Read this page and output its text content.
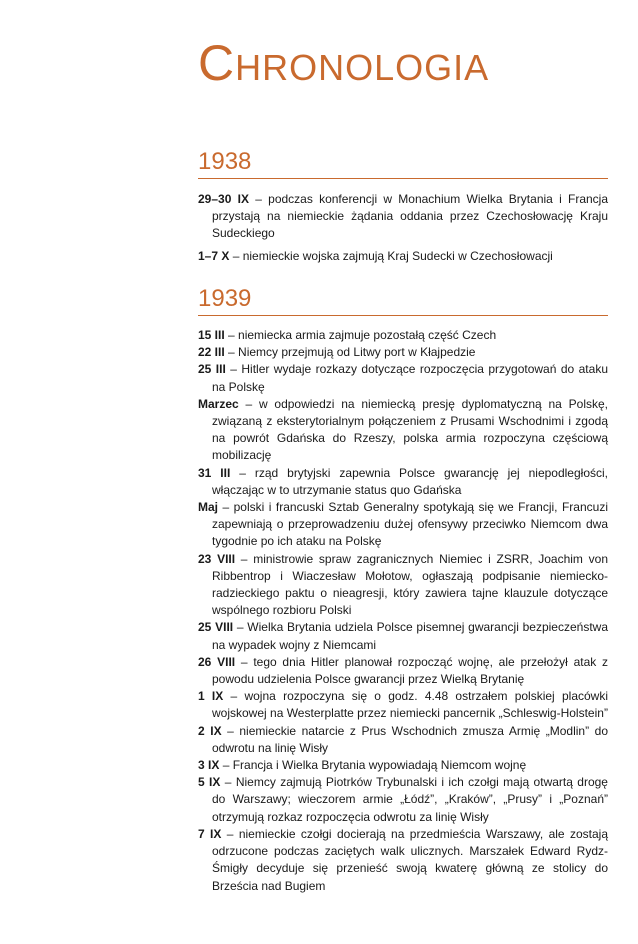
CHRONOLOGIA
1938
29–30 IX – podczas konferencji w Monachium Wielka Brytania i Francja przystają na niemieckie żądania oddania przez Czechosłowację Kraju Sudeckiego
1–7 X – niemieckie wojska zajmują Kraj Sudecki w Czechosłowacji
1939
15 III – niemiecka armia zajmuje pozostałą część Czech
22 III – Niemcy przejmują od Litwy port w Kłajpedzie
25 III – Hitler wydaje rozkazy dotyczące rozpoczęcia przygotowań do ataku na Polskę
Marzec – w odpowiedzi na niemiecką presję dyplomatyczną na Polskę, związaną z eksterytorialnym połączeniem z Prusami Wschodnimi i zgodą na powrót Gdańska do Rzeszy, polska armia rozpoczyna częściową mobilizację
31 III – rząd brytyjski zapewnia Polsce gwarancję jej niepodległości, włączając w to utrzymanie status quo Gdańska
Maj – polski i francuski Sztab Generalny spotykają się we Francji, Francuzi zapewniają o przeprowadzeniu dużej ofensywy przeciwko Niemcom dwa tygodnie po ich ataku na Polskę
23 VIII – ministrowie spraw zagranicznych Niemiec i ZSRR, Joachim von Ribbentrop i Wiaczesław Mołotow, ogłaszają podpisanie niemiecko-radzieckiego paktu o nieagresji, który zawiera tajne klauzule dotyczące wspólnego rozbioru Polski
25 VIII – Wielka Brytania udziela Polsce pisemnej gwarancji bezpieczeństwa na wypadek wojny z Niemcami
26 VIII – tego dnia Hitler planował rozpocząć wojnę, ale przełożył atak z powodu udzielenia Polsce gwarancji przez Wielką Brytanię
1 IX – wojna rozpoczyna się o godz. 4.48 ostrzałem polskiej placówki wojskowej na Westerplatte przez niemiecki pancernik „Schleswig-Holstein”
2 IX – niemieckie natarcie z Prus Wschodnich zmusza Armię „Modlin” do odwrotu na linię Wisły
3 IX – Francja i Wielka Brytania wypowiadają Niemcom wojnę
5 IX – Niemcy zajmują Piotrków Trybunalski i ich czołgi mają otwartą drogę do Warszawy; wieczorem armie „Łódź”, „Kraków”, „Prusy” i „Poznań” otrzymują rozkaz rozpoczęcia odwrotu za linię Wisły
7 IX – niemieckie czołgi docierają na przedmieścia Warszawy, ale zostają odrzucone podczas zaciętych walk ulicznych. Marszałek Edward Rydz-Śmigły decyduje się przenieść swoją kwaterę główną ze stolicy do Brześcia nad Bugiem
